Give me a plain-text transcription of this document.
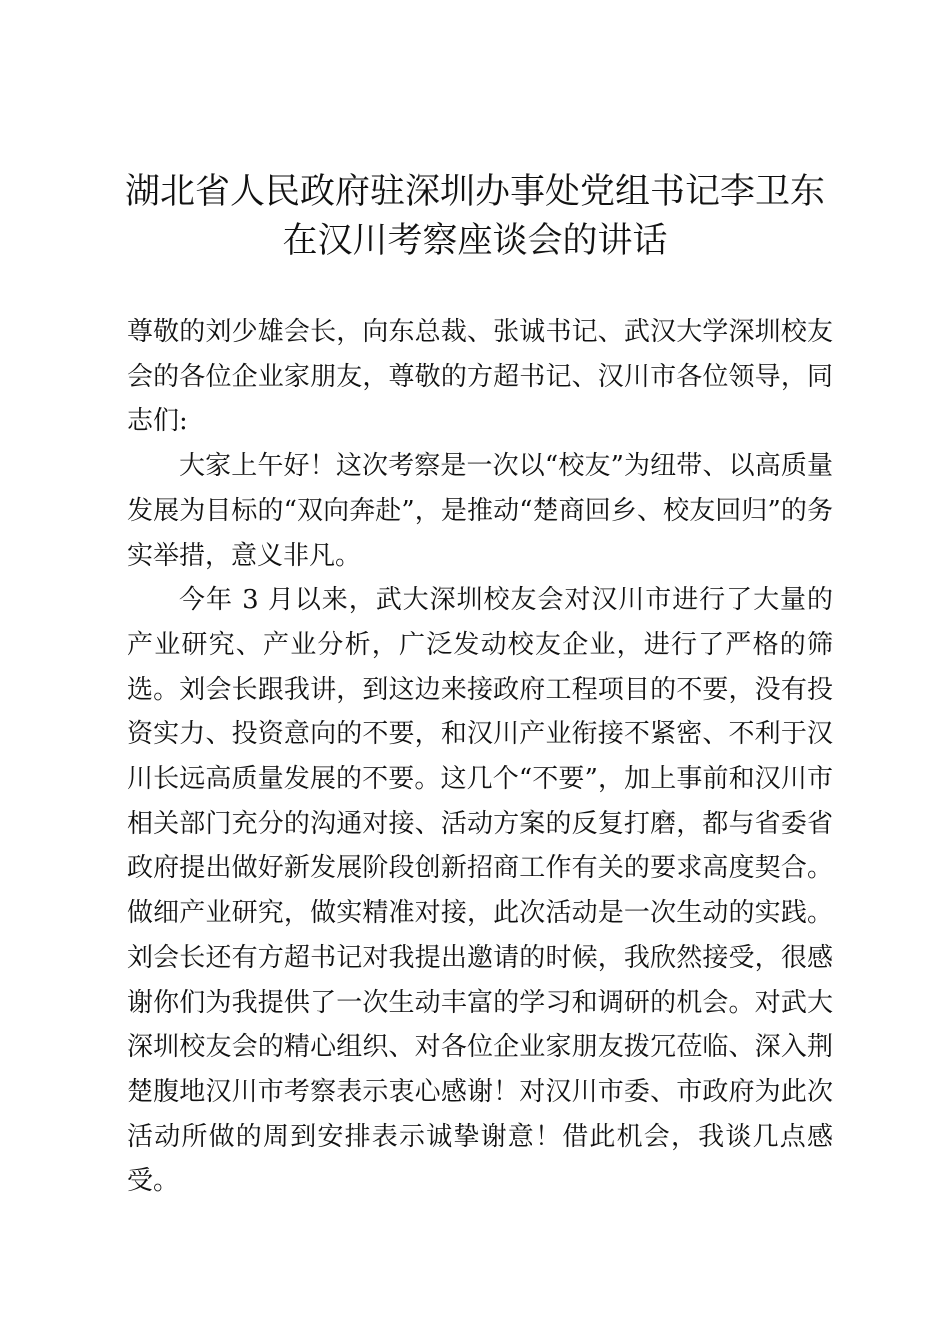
湖北省人民政府驻深圳办事处党组书记李卫东
在汉川考察座谈会的讲话

尊敬的刘少雄会长，向东总裁、张诚书记、武汉大学深圳校友会的各位企业家朋友，尊敬的方超书记、汉川市各位领导，同志们:

大家上午好！这次考察是一次以“校友”为纽带、以高质量发展为目标的“双向奔赴”，是推动“楚商回乡、校友回归”的务实举措，意义非凡。

今年 3 月以来，武大深圳校友会对汉川市进行了大量的产业研究、产业分析，广泛发动校友企业，进行了严格的筛选。刘会长跟我讲，到这边来接政府工程项目的不要，没有投资实力、投资意向的不要，和汉川产业衔接不紧密、不利于汉川长远高质量发展的不要。这几个“不要”，加上事前和汉川市相关部门充分的沟通对接、活动方案的反复打磨，都与省委省政府提出做好新发展阶段创新招商工作有关的要求高度契合。做细产业研究，做实精准对接，此次活动是一次生动的实践。刘会长还有方超书记对我提出邀请的时候，我欣然接受，很感谢你们为我提供了一次生动丰富的学习和调研的机会。对武大深圳校友会的精心组织、对各位企业家朋友拨冗莅临、深入荆楚腹地汉川市考察表示衷心感谢！对汉川市委、市政府为此次活动所做的周到安排表示诚挚谢意！借此机会，我谈几点感受。
